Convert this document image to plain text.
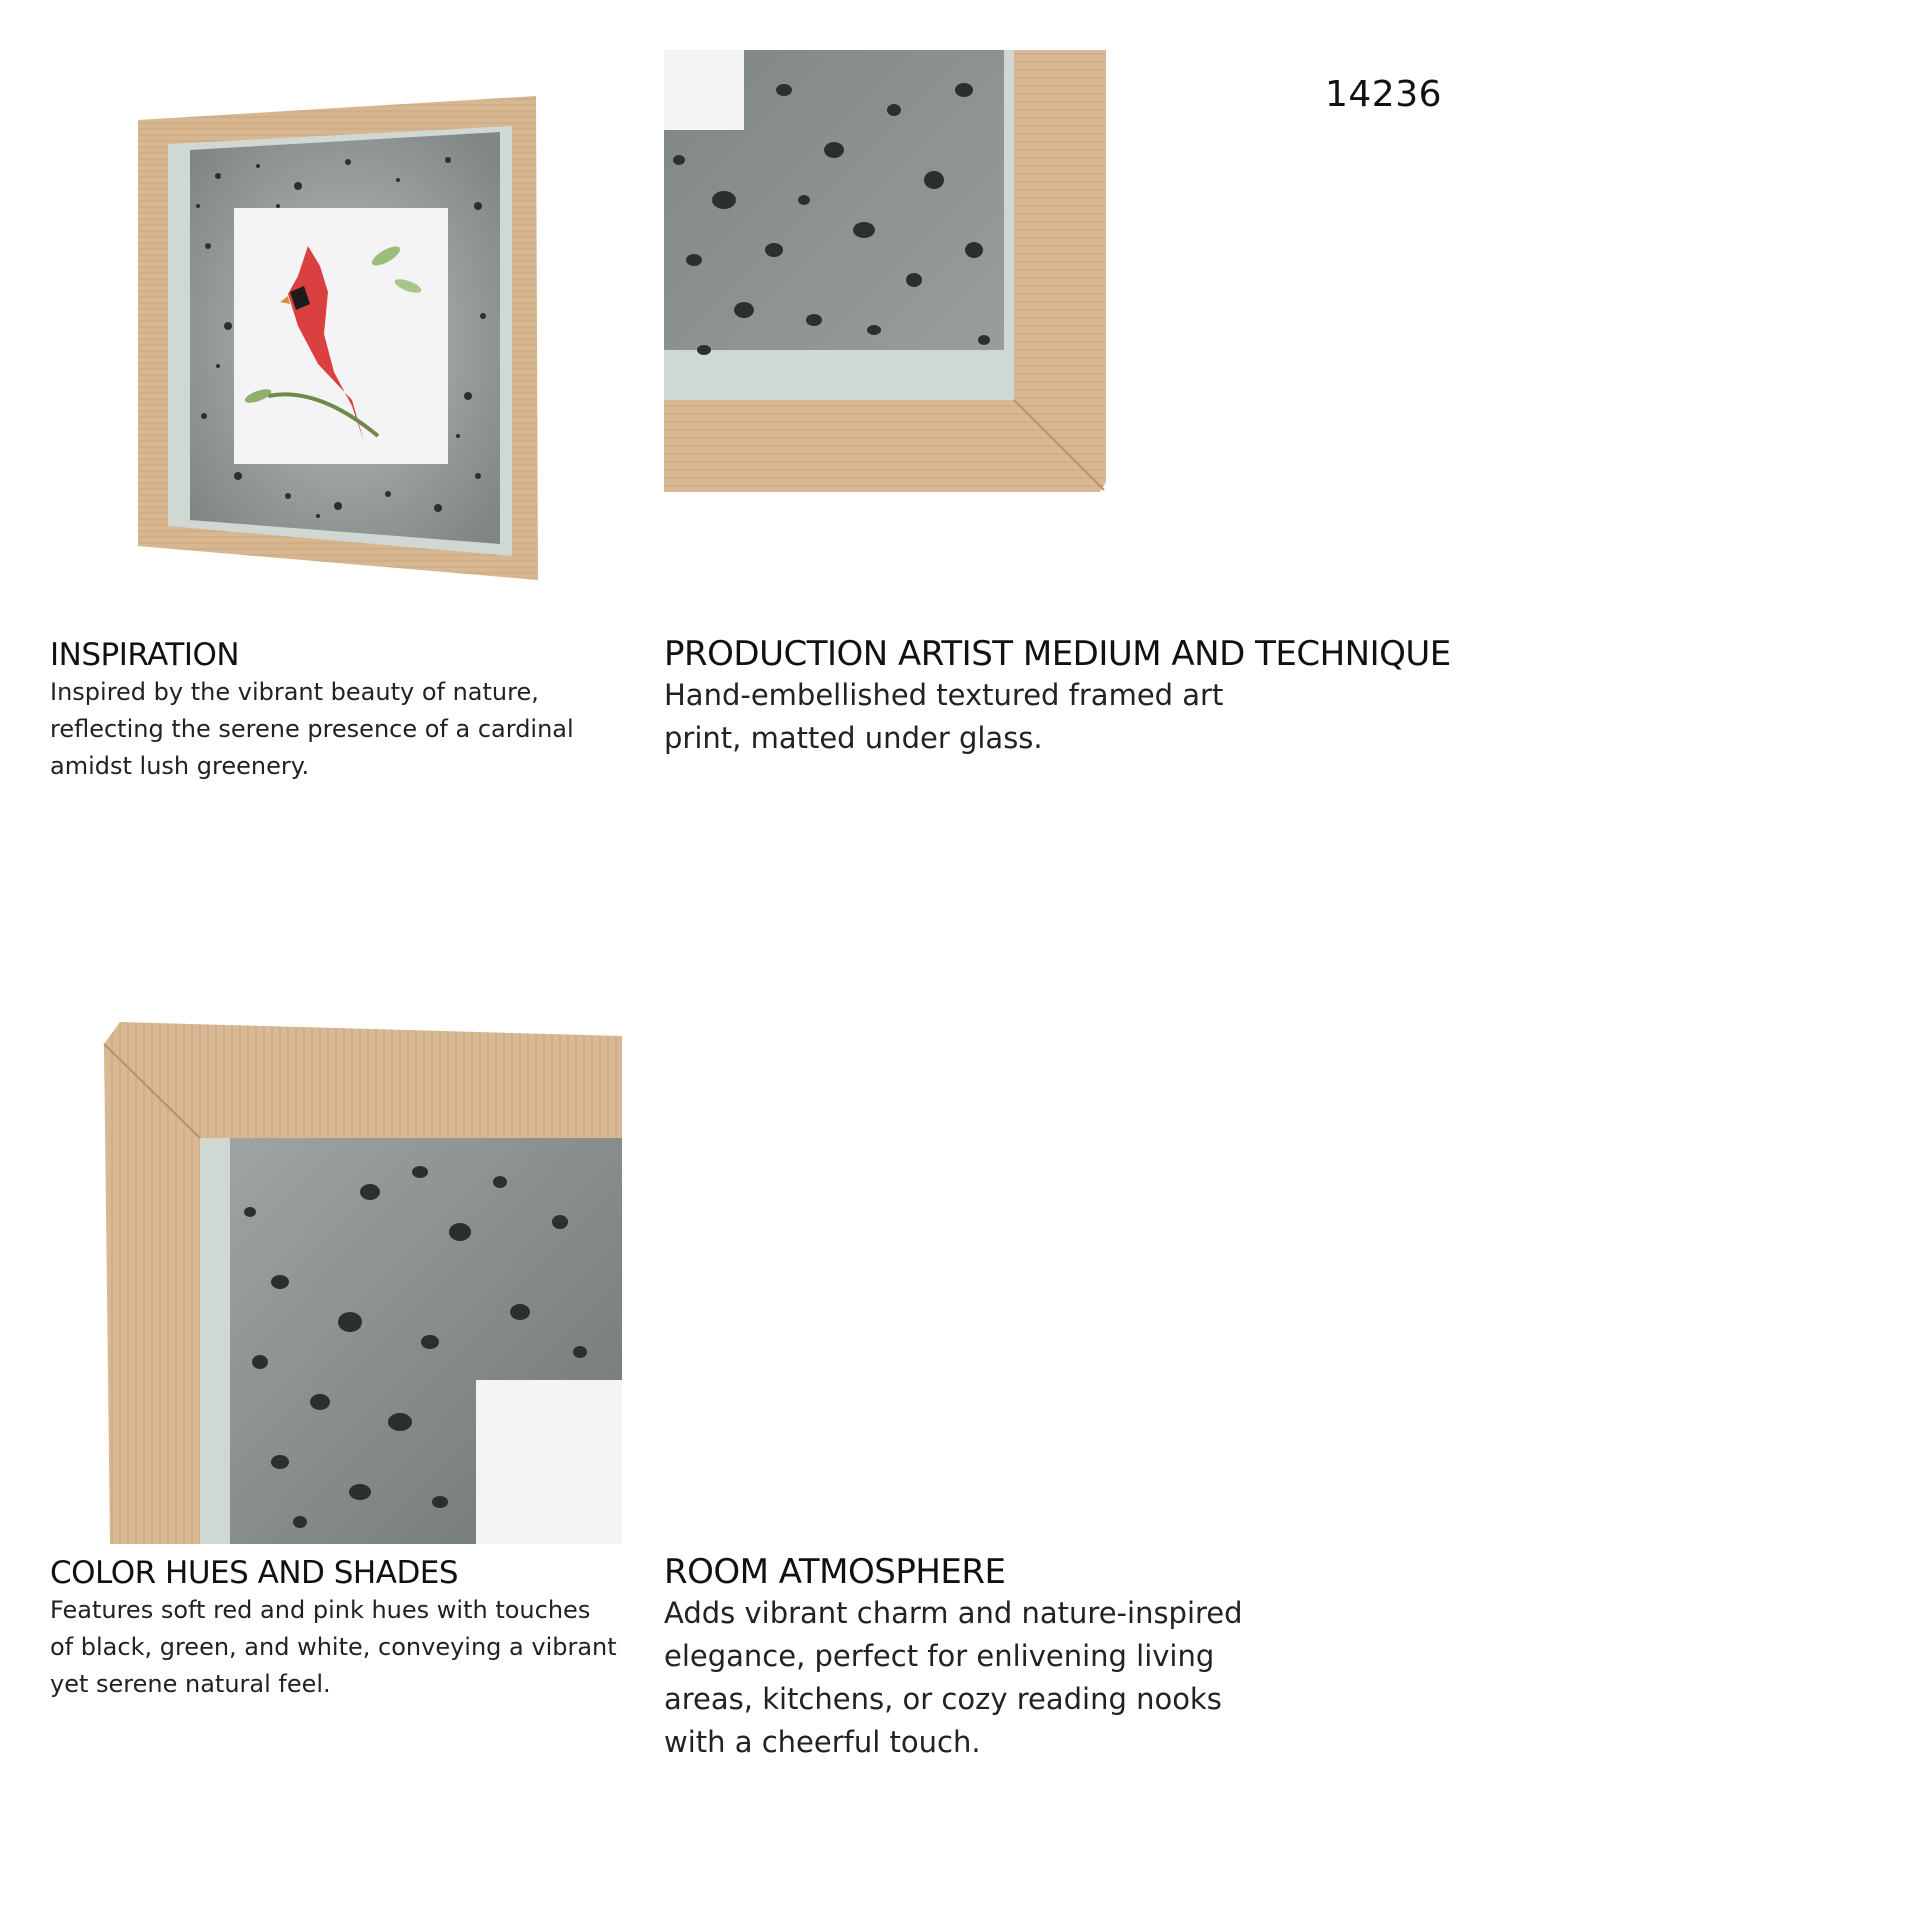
14236
INSPIRATION

Inspired by the vibrant beauty of nature,
reflecting the serene presence of a cardinal
amidst lush greenery.

PRODUCTION ARTIST MEDIUM AND TECHNIQUE

Hand-embellished textured framed art
print, matted under glass.

COLOR HUES AND SHADES

Features soft red and pink hues with touches
of black, green, and white, conveying a vibrant
yet serene natural feel.

ROOM ATMOSPHERE

Adds vibrant charm and nature-inspired
elegance, perfect for enlivening living
areas, kitchens, or cozy reading nooks
with a cheerful touch.
